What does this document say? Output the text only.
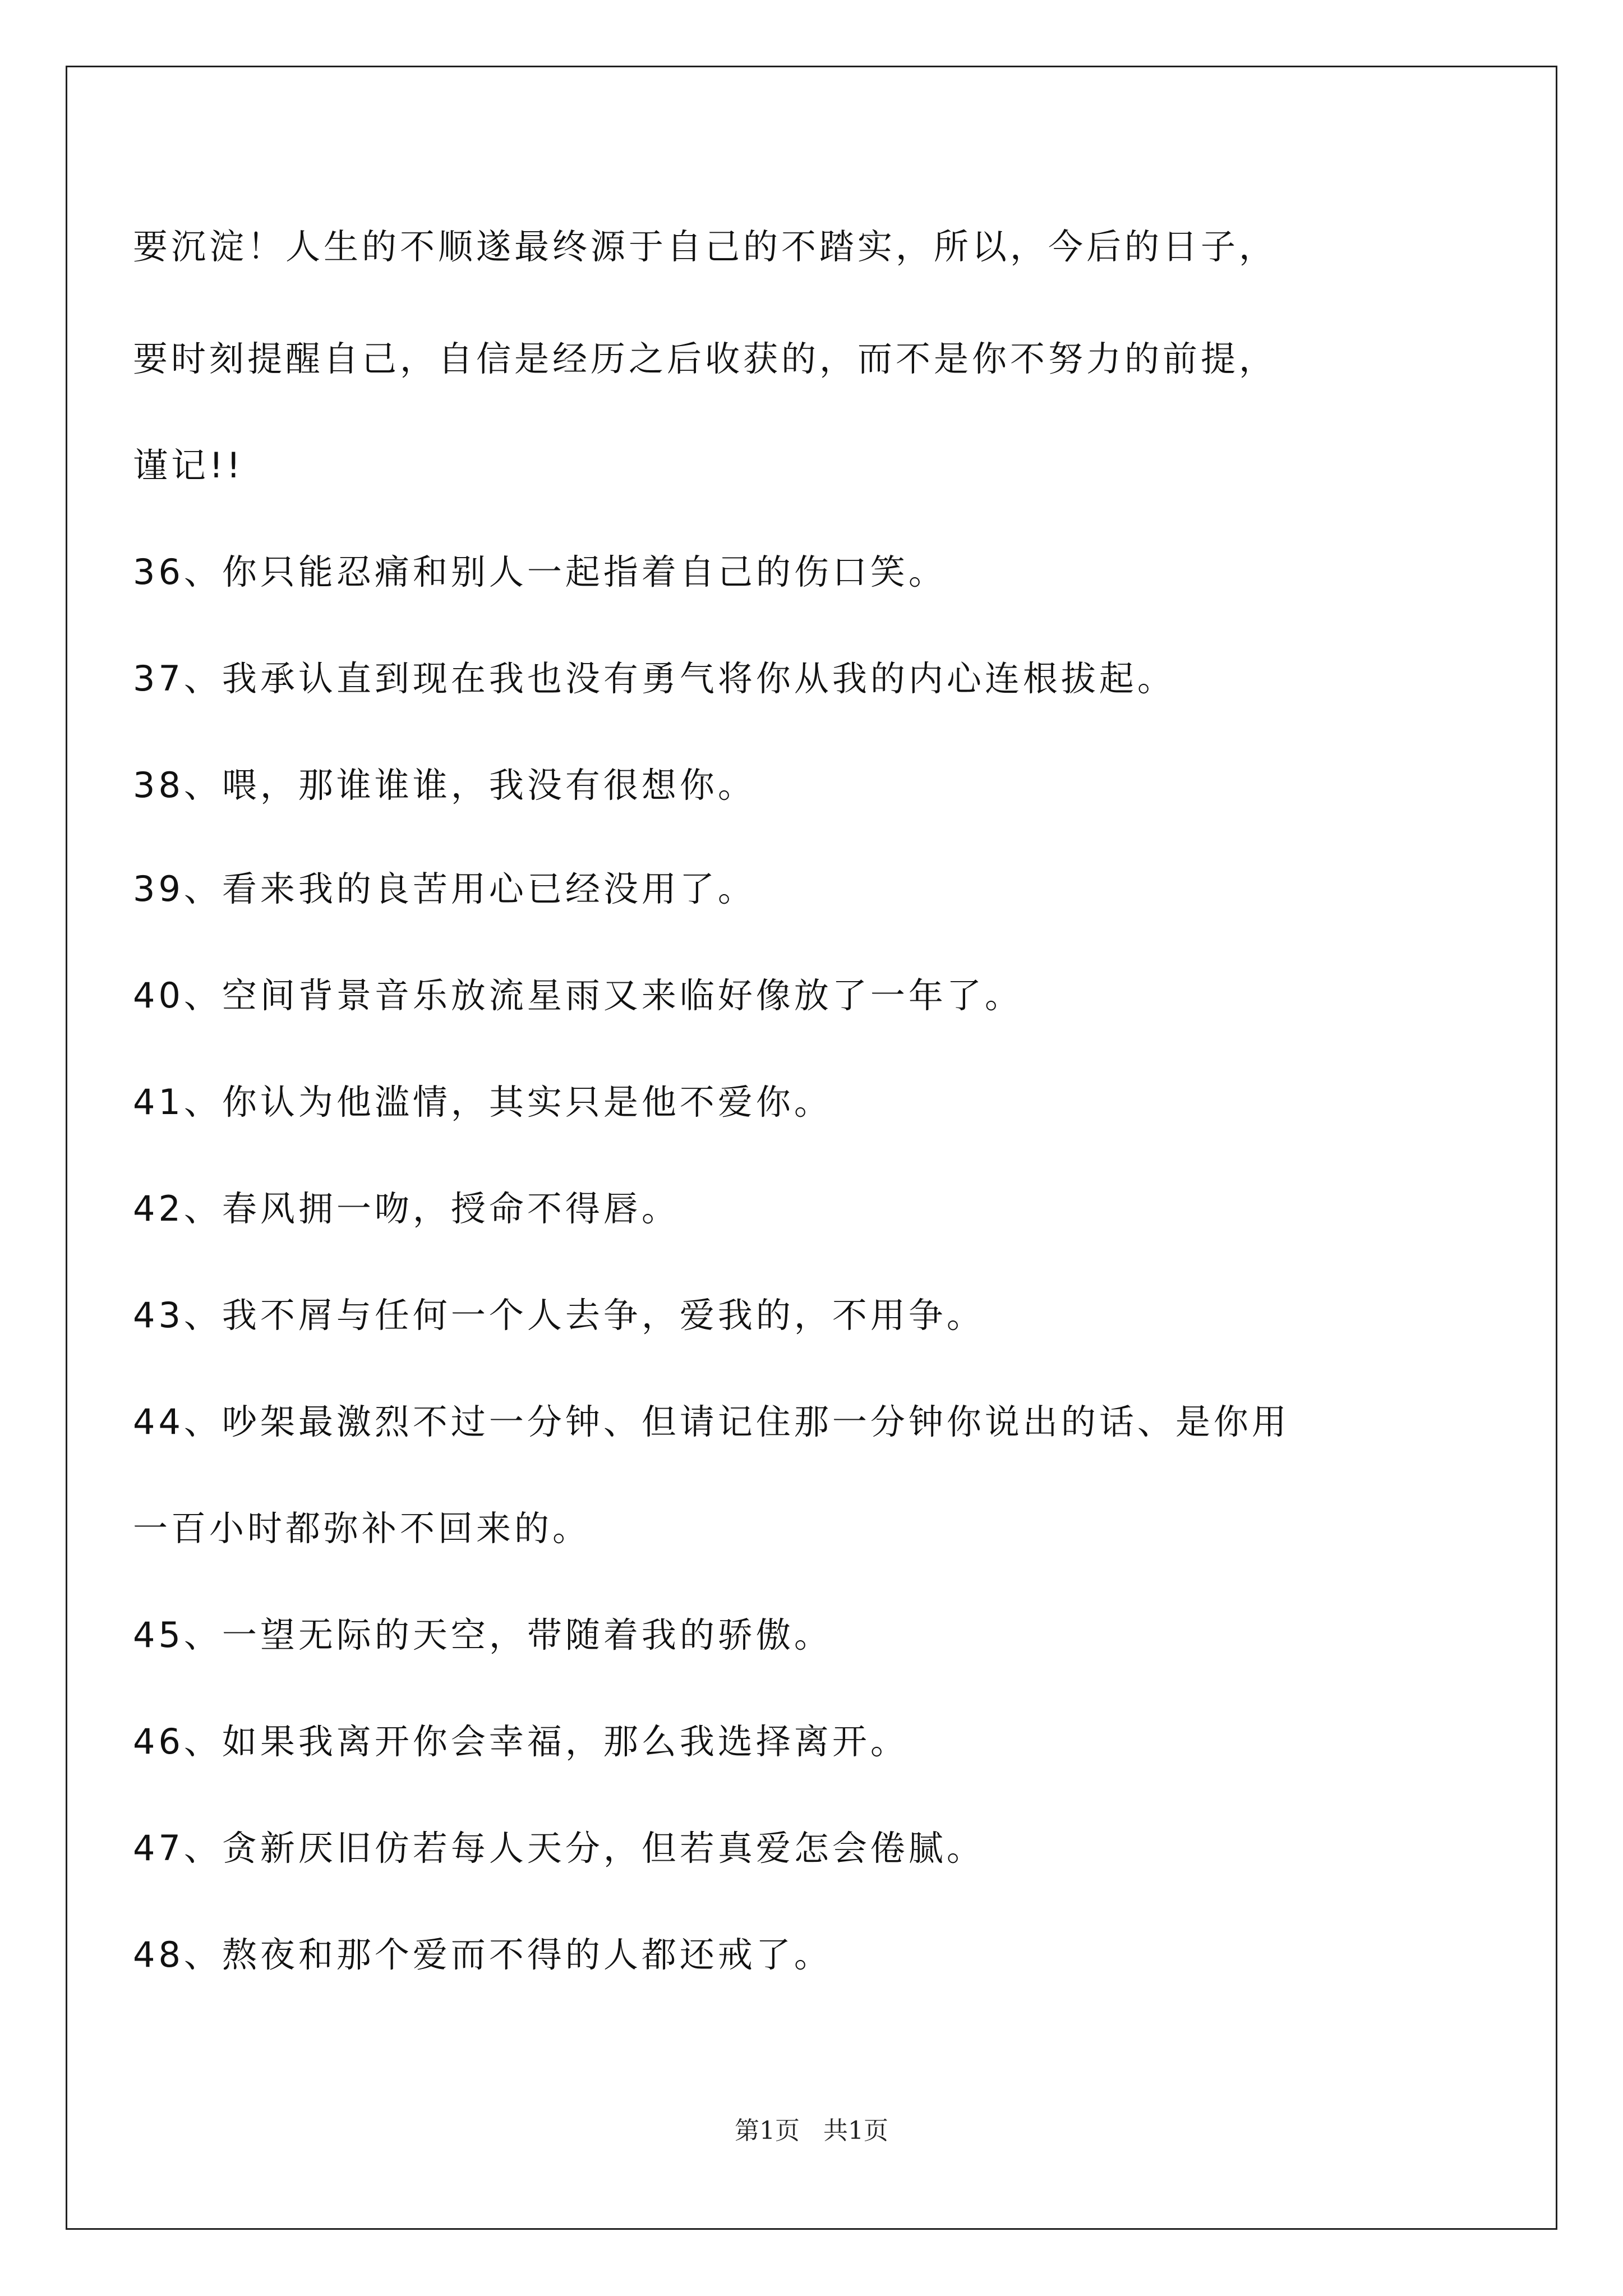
要沉淀！人生的不顺遂最终源于自己的不踏实，所以，今后的日子，
要时刻提醒自己，自信是经历之后收获的，而不是你不努力的前提，
谨记!!
36、你只能忍痛和别人一起指着自己的伤口笑。
37、我承认直到现在我也没有勇气将你从我的内心连根拔起。
38、喂，那谁谁谁，我没有很想你。
39、看来我的良苦用心已经没用了。
40、空间背景音乐放流星雨又来临好像放了一年了。
41、你认为他滥情，其实只是他不爱你。
42、春风拥一吻，授命不得唇。
43、我不屑与任何一个人去争，爱我的，不用争。
44、吵架最激烈不过一分钟、但请记住那一分钟你说出的话、是你用
一百小时都弥补不回来的。
45、一望无际的天空，带随着我的骄傲。
46、如果我离开你会幸福，那么我选择离开。
47、贪新厌旧仿若每人天分，但若真爱怎会倦腻。
48、熬夜和那个爱而不得的人都还戒了。
第1页   共1页
